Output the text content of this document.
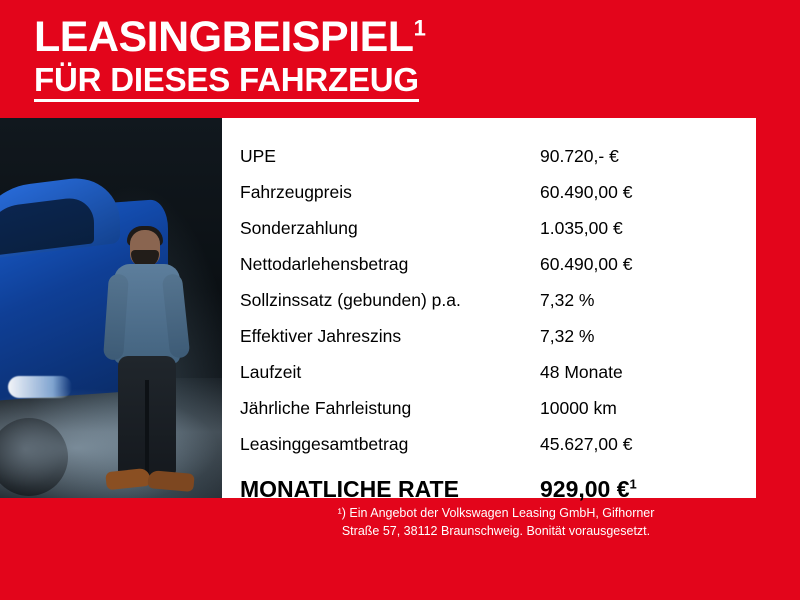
LEASINGBEISPIEL$^1$
FÜR DIESES FAHRZEUG
UPE	90.720,- €
Fahrzeugpreis	60.490,00 €
Sonderzahlung	1.035,00 €
Nettodarlehensbetrag	60.490,00 €
Sollzinssatz (gebunden) p.a.	7,32 %
Effektiver Jahreszins	7,32 %
Laufzeit	48 Monate
Jährliche Fahrleistung	10000 km
Leasinggesamtbetrag	45.627,00 €
MONATLICHE RATE	929,00 €$^1$
¹) Ein Angebot der Volkswagen Leasing GmbH, Gifhorner
Straße 57, 38112 Braunschweig. Bonität vorausgesetzt.
